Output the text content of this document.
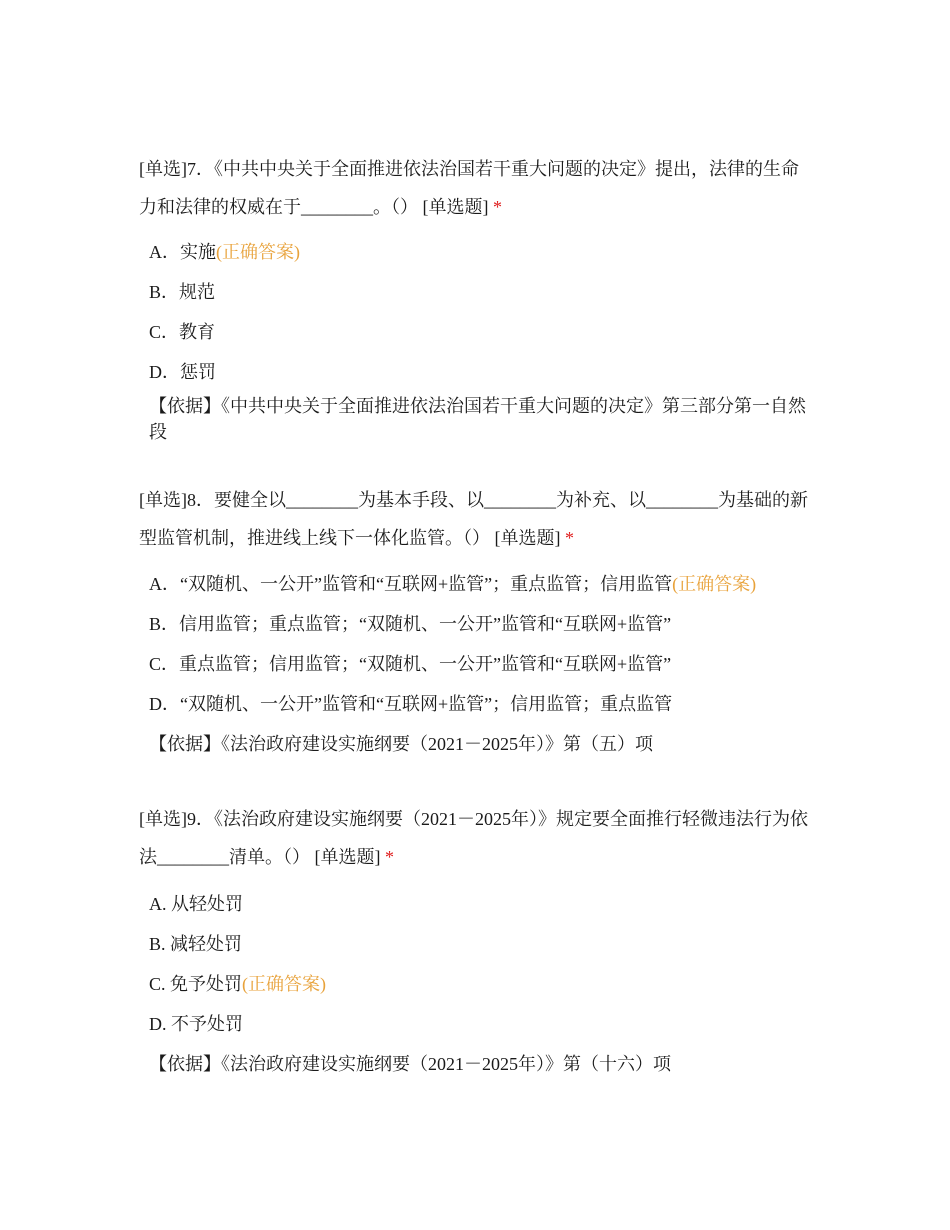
[单选]7．《中共中央关于全面推进依法治国若干重大问题的决定》提出，法律的生命力和法律的权威在于________。（） [单选题] *

A．实施(正确答案)

B．规范

C．教育

D．惩罚

【依据】《中共中央关于全面推进依法治国若干重大问题的决定》第三部分第一自然段

[单选]8．要健全以________为基本手段、以________为补充、以________为基础的新型监管机制，推进线上线下一体化监管。（） [单选题] *

A．“双随机、一公开”监管和“互联网+监管”；重点监管；信用监管(正确答案)

B．信用监管；重点监管；“双随机、一公开”监管和“互联网+监管”

C．重点监管；信用监管；“双随机、一公开”监管和“互联网+监管”

D．“双随机、一公开”监管和“互联网+监管”；信用监管；重点监管

【依据】《法治政府建设实施纲要（2021－2025年）》第（五）项

[单选]9．《法治政府建设实施纲要（2021－2025年）》规定要全面推行轻微违法行为依法________清单。（） [单选题] *

A. 从轻处罚

B. 减轻处罚

C. 免予处罚(正确答案)

D. 不予处罚

【依据】《法治政府建设实施纲要（2021－2025年）》第（十六）项
